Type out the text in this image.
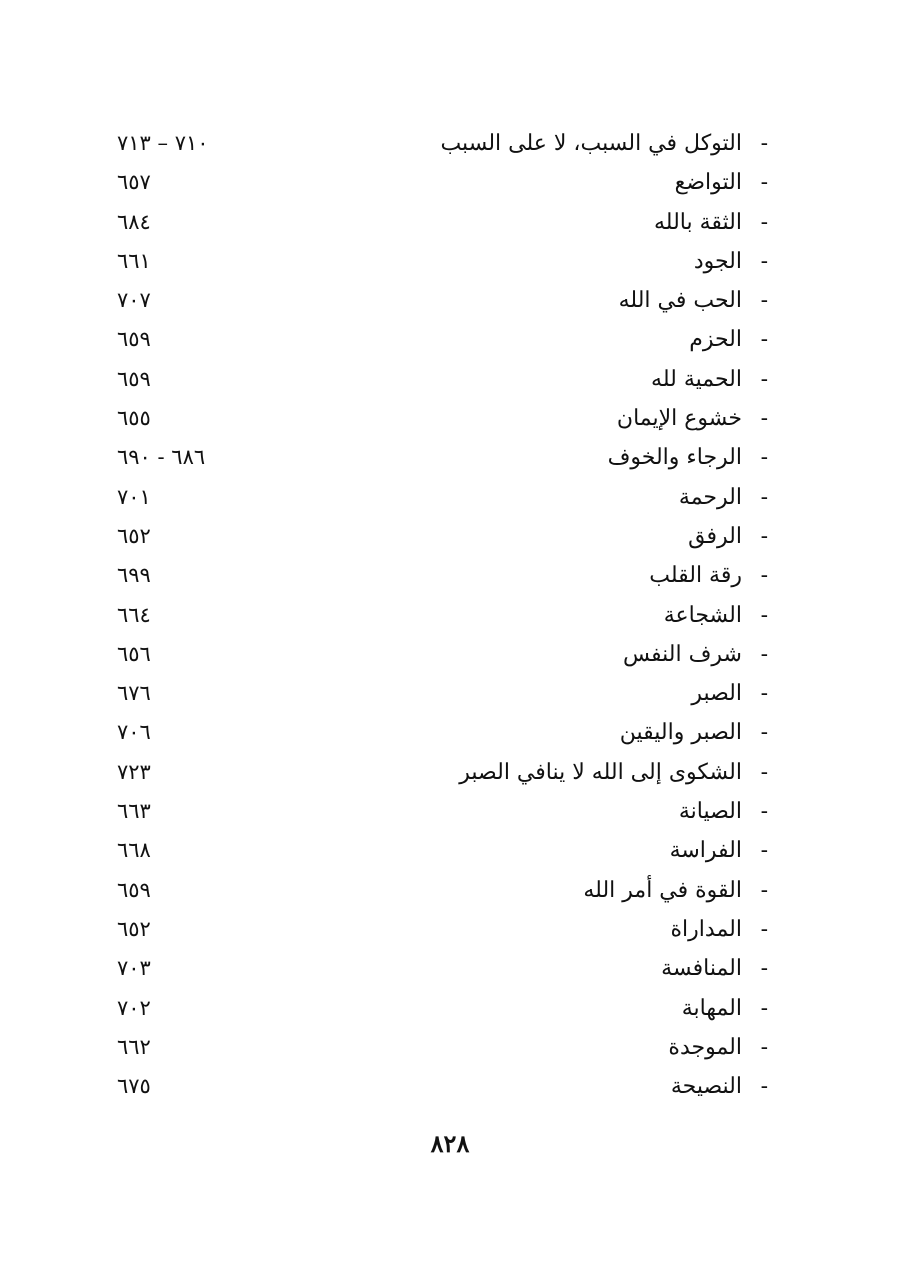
-
التوكل في السبب، لا على السبب
٧١٠ – ٧١٣
-
التواضع
٦٥٧
-
الثقة بالله
٦٨٤
-
الجود
٦٦١
-
الحب في الله
٧٠٧
-
الحزم
٦٥٩
-
الحمية لله
٦٥٩
-
خشوع الإيمان
٦٥٥
-
الرجاء والخوف
٦٨٦ - ٦٩٠
-
الرحمة
٧٠١
-
الرفق
٦٥٢
-
رقة القلب
٦٩٩
-
الشجاعة
٦٦٤
-
شرف النفس
٦٥٦
-
الصبر
٦٧٦
-
الصبر واليقين
٧٠٦
-
الشكوى إلى الله لا ينافي الصبر
٧٢٣
-
الصيانة
٦٦٣
-
الفراسة
٦٦٨
-
القوة في أمر الله
٦٥٩
-
المداراة
٦٥٢
-
المنافسة
٧٠٣
-
المهابة
٧٠٢
-
الموجدة
٦٦٢
-
النصيحة
٦٧٥
٨٢٨
